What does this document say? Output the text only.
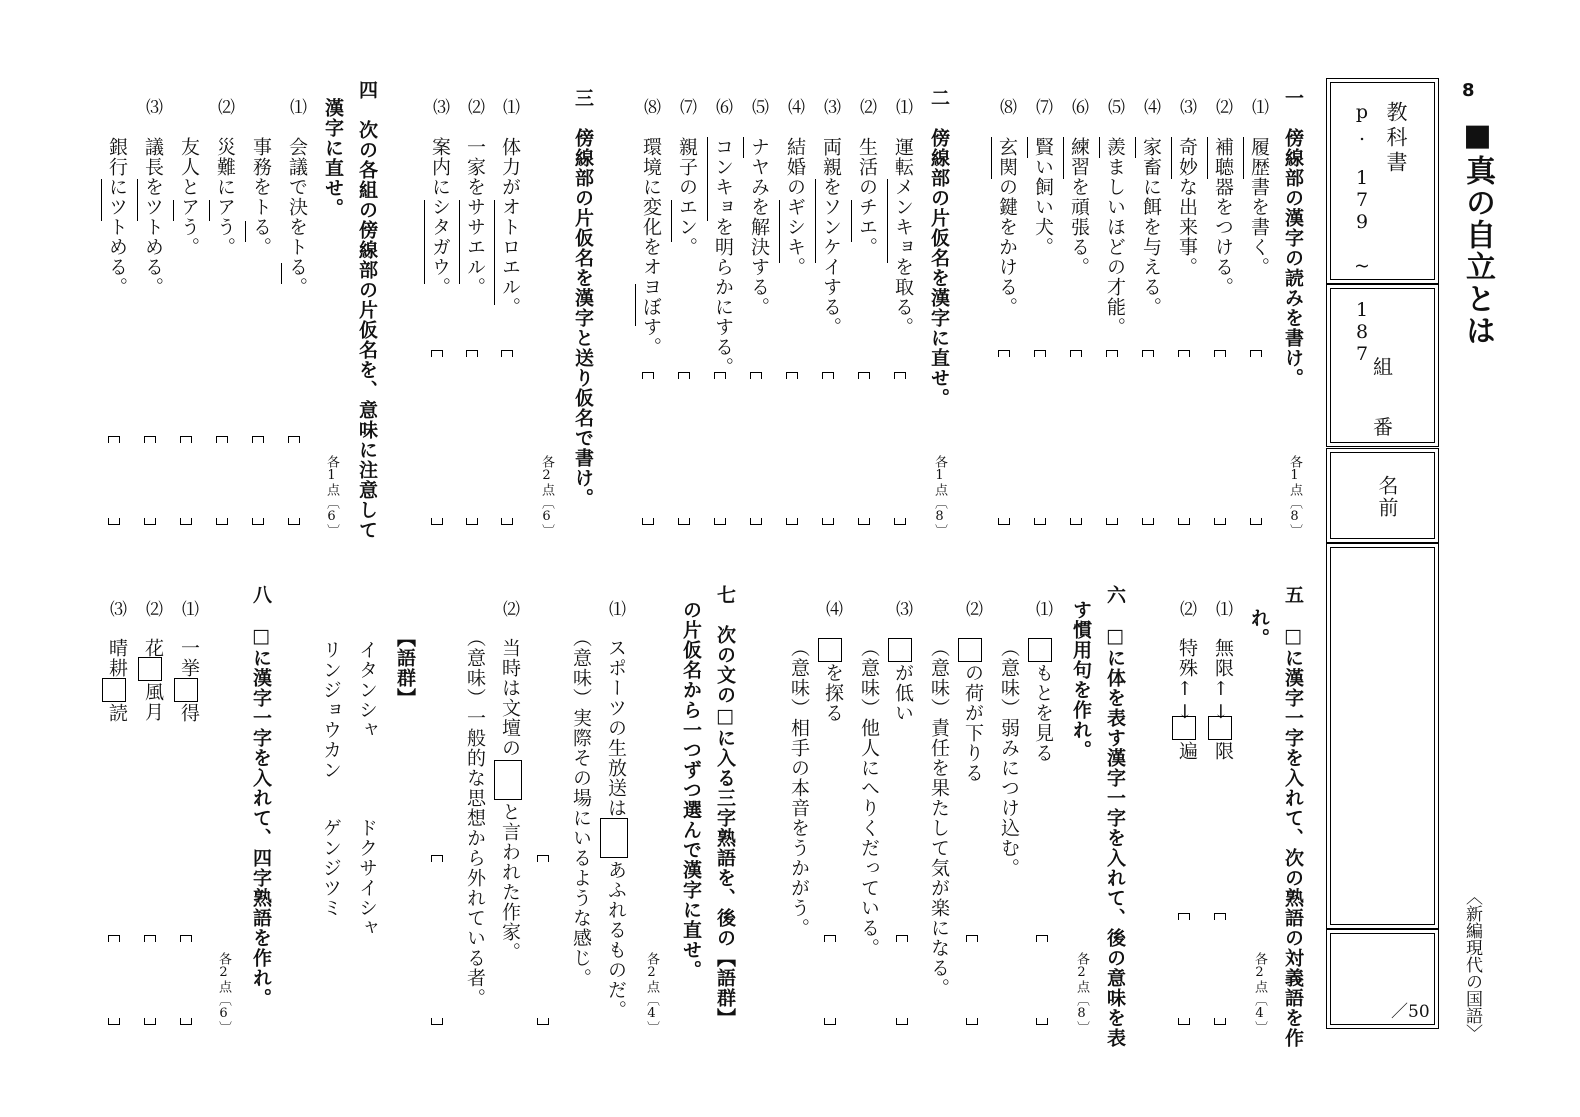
8
■真の自立とは
〈新編現代の国語〉
教科書
p. 179 ~ 187
組
番
名前
／50
一　傍線部の漢字の読みを書け。
各1点〔8〕
⑴
履歴書を書く。
⑵
補聴器をつける。
⑶
奇妙な出来事。
⑷
家畜に餌を与える。
⑸
羨ましいほどの才能。
⑹
練習を頑張る。
⑺
賢い飼い犬。
⑻
玄関の鍵をかける。
二　傍線部の片仮名を漢字に直せ。
各1点〔8〕
⑴
運転メンキョを取る。
⑵
生活のチエ。
⑶
両親をソンケイする。
⑷
結婚のギシキ。
⑸
ナヤみを解決する。
⑹
コンキョを明らかにする。
⑺
親子のエン。
⑻
環境に変化をオヨぼす。
三　傍線部の片仮名を漢字と送り仮名で書け。
各2点〔6〕
⑴
体力がオトロエル。
⑵
一家をササエル。
⑶
案内にシタガウ。
四　次の各組の傍線部の片仮名を、意味に注意して
漢字に直せ。
各1点〔6〕
⑴
会議で決をトる。
事務をトる。
⑵
災難にアう。
友人とアう。
⑶
議長をツトめる。
銀行にツトめる。
五　□に漢字一字を入れて、次の熟語の対義語を作
れ。
各2点〔4〕
⑴
無限
↑↓
限
⑵
特殊
↑↓
遍
六　□に体を表す漢字一字を入れて、後の意味を表
す慣用句を作れ。
各2点〔8〕
⑴
もとを見る
（意味）弱みにつけ込む。
⑵
の荷が下りる
（意味）責任を果たして気が楽になる。
⑶
が低い
（意味）他人にへりくだっている。
⑷
を探る
（意味）相手の本音をうかがう。
七　次の文の□に入る三字熟語を、後の【語群】
の片仮名から一つずつ選んで漢字に直せ。
各2点〔4〕
⑴
スポーツの生放送は
あふれるものだ。
（意味）実際その場にいるような感じ。
⑵
当時は文壇の
と言われた作家。
（意味）一般的な思想から外れている者。
【語群】
イタンシャ
ドクサイシャ
リンジョウカン
ゲンジツミ
八　□に漢字一字を入れて、四字熟語を作れ。
各2点〔6〕
⑴
一挙
得
⑵
花
風月
⑶
晴耕
読
